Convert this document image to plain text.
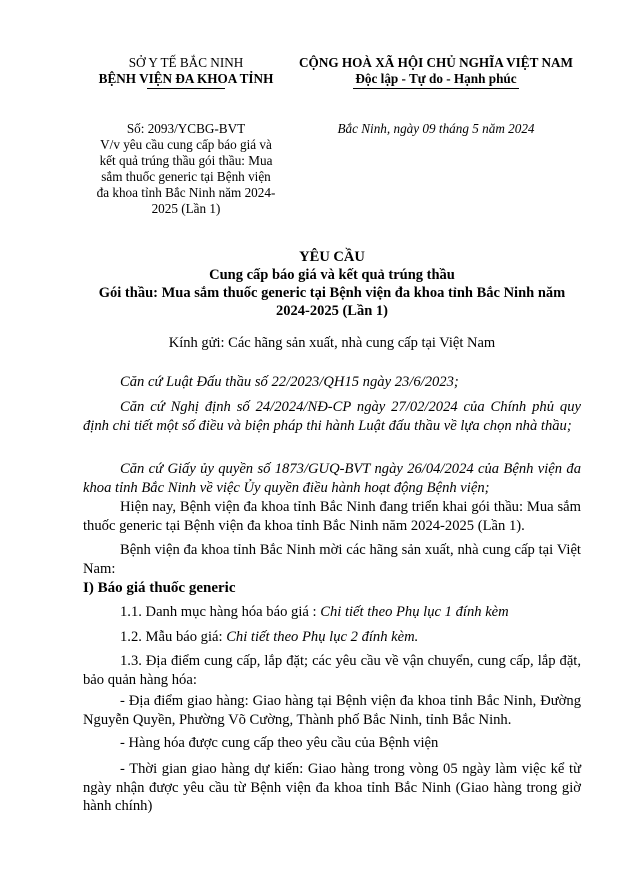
SỞ Y TẾ BẮC NINH
BỆNH VIỆN ĐA KHOA TỈNH
CỘNG HOÀ XÃ HỘI CHỦ NGHĨA VIỆT NAM
Độc lập - Tự do - Hạnh phúc
Số: 2093/YCBG-BVT
V/v yêu cầu cung cấp báo giá và
kết quả trúng thầu gói thầu: Mua
sắm thuốc generic tại Bệnh viện
đa khoa tỉnh Bắc Ninh năm 2024-
2025 (Lần 1)
Bắc Ninh, ngày 09 tháng 5 năm 2024
YÊU CẦU
Cung cấp báo giá và kết quả trúng thầu
Gói thầu: Mua sắm thuốc generic tại Bệnh viện đa khoa tỉnh Bắc Ninh năm
2024-2025 (Lần 1)
Kính gửi: Các hãng sản xuất, nhà cung cấp tại Việt Nam
Căn cứ Luật Đấu thầu số 22/2023/QH15 ngày 23/6/2023;
Căn cứ Nghị định số 24/2024/NĐ-CP ngày 27/02/2024 của Chính phủ quy định chi tiết một số điều và biện pháp thi hành Luật đấu thầu về lựa chọn nhà thầu;
Căn cứ Giấy ủy quyền số 1873/GUQ-BVT ngày 26/04/2024 của Bệnh viện đa khoa tỉnh Bắc Ninh về việc Ủy quyền điều hành hoạt động Bệnh viện;
Hiện nay, Bệnh viện đa khoa tỉnh Bắc Ninh đang triển khai gói thầu: Mua sắm thuốc generic tại Bệnh viện đa khoa tỉnh Bắc Ninh năm 2024-2025 (Lần 1).
Bệnh viện đa khoa tỉnh Bắc Ninh mời các hãng sản xuất, nhà cung cấp tại Việt Nam:
I) Báo giá thuốc generic
1.1. Danh mục hàng hóa báo giá : Chi tiết theo Phụ lục 1 đính kèm
1.2. Mẫu báo giá: Chi tiết theo Phụ lục 2 đính kèm.
1.3. Địa điểm cung cấp, lắp đặt; các yêu cầu về vận chuyển, cung cấp, lắp đặt, bảo quản hàng hóa:
- Địa điểm giao hàng: Giao hàng tại Bệnh viện đa khoa tỉnh Bắc Ninh, Đường Nguyễn Quyền, Phường Võ Cường, Thành phố Bắc Ninh, tỉnh Bắc Ninh.
- Hàng hóa được cung cấp theo yêu cầu của Bệnh viện
- Thời gian giao hàng dự kiến: Giao hàng trong vòng 05 ngày làm việc kể từ ngày nhận được yêu cầu từ Bệnh viện đa khoa tỉnh Bắc Ninh (Giao hàng trong giờ hành chính)
